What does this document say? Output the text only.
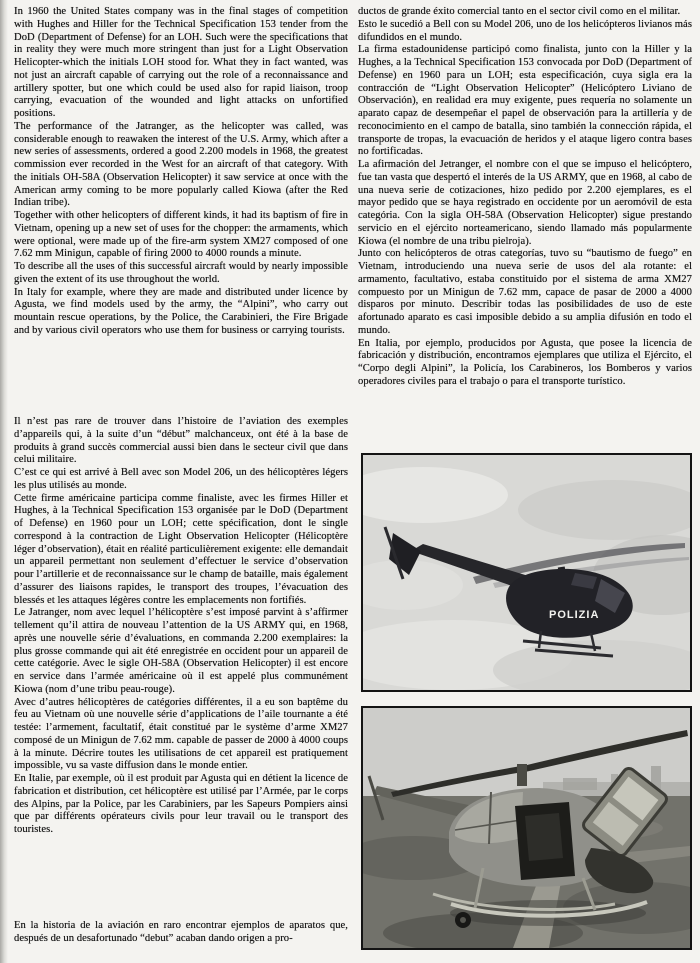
In 1960 the United States company was in the final stages of competition with Hughes and Hiller for the Technical Specification 153 tender from the DoD (Department of Defense) for an LOH. Such were the specifications that in reality they were much more stringent than just for a Light Observation Helicopter-which the initials LOH stood for. What they in fact wanted, was not just an aircraft capable of carrying out the role of a reconnaissance and artillery spotter, but one which could be used also for rapid liaison, troop carrying, evacuation of the wounded and light attacks on unfortified positions.

The performance of the Jatranger, as the helicopter was called, was considerable enough to reawaken the interest of the U.S. Army, which after a new series of assessments, ordered a good 2.200 models in 1968, the greatest commission ever recorded in the West for an aircraft of that category. With the initials OH-58A (Observation Helicopter) it saw service at once with the American army coming to be more popularly called Kiowa (after the Red Indian tribe).

Together with other helicopters of different kinds, it had its baptism of fire in Vietnam, opening up a new set of uses for the chopper: the armaments, which were optional, were made up of the fire-arm system XM27 composed of one 7.62 mm Minigun, capable of firing 2000 to 4000 rounds a minute.

To describe all the uses of this successful aircraft would by nearly impossible given the extent of its use throughout the world.

In Italy for example, where they are made and distributed under licence by Agusta, we find models used by the army, the “Alpini”, who carry out mountain rescue operations, by the Police, the Carabinieri, the Fire Brigade and by various civil operators who use them for business or carrying tourists.

Il n’est pas rare de trouver dans l’histoire de l’aviation des exemples d’appareils qui, à la suite d’un “début” malchanceux, ont été à la base de produits à grand succès commercial aussi bien dans le secteur civil que dans celui militaire.

C’est ce qui est arrivé à Bell avec son Model 206, un des hélicoptères légers les plus utilisés au monde.

Cette firme américaine participa comme finaliste, avec les firmes Hiller et Hughes, à la Technical Specification 153 organisée par le DoD (Department of Defense) en 1960 pour un LOH; cette spécification, dont le single correspond à la contraction de Light Observation Helicopter (Hélicoptère léger d’observation), était en réalité particulièrement exigente: elle demandait un appareil permettant non seulement d’effectuer le service d’observation pour l’artillerie et de reconnaissance sur le champ de bataille, mais également d’assurer des liaisons rapides, le transport des troupes, l’évacuation des blessés et les attaques légères contre les emplacements non fortifiés.

Le Jatranger, nom avec lequel l’hélicoptère s’est imposé parvint à s’affirmer tellement qu’il attira de nouveau l’attention de la US ARMY qui, en 1968, après une nouvelle série d’évaluations, en commanda 2.200 exemplaires: la plus grosse commande qui ait été enregistrée en occident pour un appareil de cette catégorie. Avec le sigle OH-58A (Observation Helicopter) il est encore en service dans l’armée américaine où il est appelé plus communément Kiowa (nom d’une tribu peau-rouge).

Avec d’autres hélicoptères de catégories différentes, il a eu son baptême du feu au Vietnam où une nouvelle série d’applications de l’aile tournante a été testée: l’armement, facultatif, était constitué par le système d’arme XM27 composé de un Minigun de 7.62 mm. capable de passer de 2000 à 4000 coups à la minute. Décrire toutes les utilisations de cet appareil est pratiquement impossible, vu sa vaste diffusion dans le monde entier.

En Italie, par exemple, où il est produit par Agusta qui en détient la licence de fabrication et distribution, cet hélicoptère est utilisé par l’Armée, par le corps des Alpins, par la Police, par les Carabiniers, par les Sapeurs Pompiers ainsi que par différents opérateurs civils pour leur travail ou le transport des touristes.

En la historia de la aviación en raro encontrar ejemplos de aparatos que, después de un desafortunado “debut” acaban dando origen a pro-

ductos de grande éxito comercial tanto en el sector civil como en el militar.

Esto le sucedió a Bell con su Model 206, uno de los helicópteros livianos más difundidos en el mundo.

La firma estadounidense participó como finalista, junto con la Hiller y la Hughes, a la Technical Specification 153 convocada por DoD (Department of Defense) en 1960 para un LOH; esta especificación, cuya sigla era la contracción de “Light Observation Helicopter” (Helicóptero Liviano de Observación), en realidad era muy exigente, pues requería no solamente un aparato capaz de desempeñar el papel de observación para la artillería y de reconocimiento en el campo de batalla, sino también la connección rápida, el transporte de tropas, la evacuación de heridos y el ataque ligero contra bases no fortificadas.

La afirmación del Jetranger, el nombre con el que se impuso el helicóptero, fue tan vasta que despertó el interés de la US ARMY, que en 1968, al cabo de una nueva serie de cotizaciones, hizo pedido por 2.200 ejemplares, es el mayor pedido que se haya registrado en occidente por un aeromóvil de esta categória. Con la sigla OH-58A (Observation Helicopter) sigue prestando servicio en el ejército norteamericano, siendo llamado más popularmente Kiowa (el nombre de una tribu pielroja).

Junto con helicópteros de otras categorías, tuvo su “bautismo de fuego” en Vietnam, introduciendo una nueva serie de usos del ala rotante: el armamento, facultativo, estaba constituido por el sistema de arma XM27 compuesto por un Minigun de 7.62 mm, capace de pasar de 2000 a 4000 disparos por minuto. Describir todas las posibilidades de uso de este afortunado aparato es casi imposible debido a su amplia difusión en todo el mundo.

En Italia, por ejemplo, producidos por Agusta, que posee la licencia de fabricación y distribución, encontramos ejemplares que utiliza el Ejército, el “Corpo degli Alpini”, la Policía, los Carabineros, los Bomberos y varios operadores civiles para el trabajo o para el transporte turístico.

POLIZIA
